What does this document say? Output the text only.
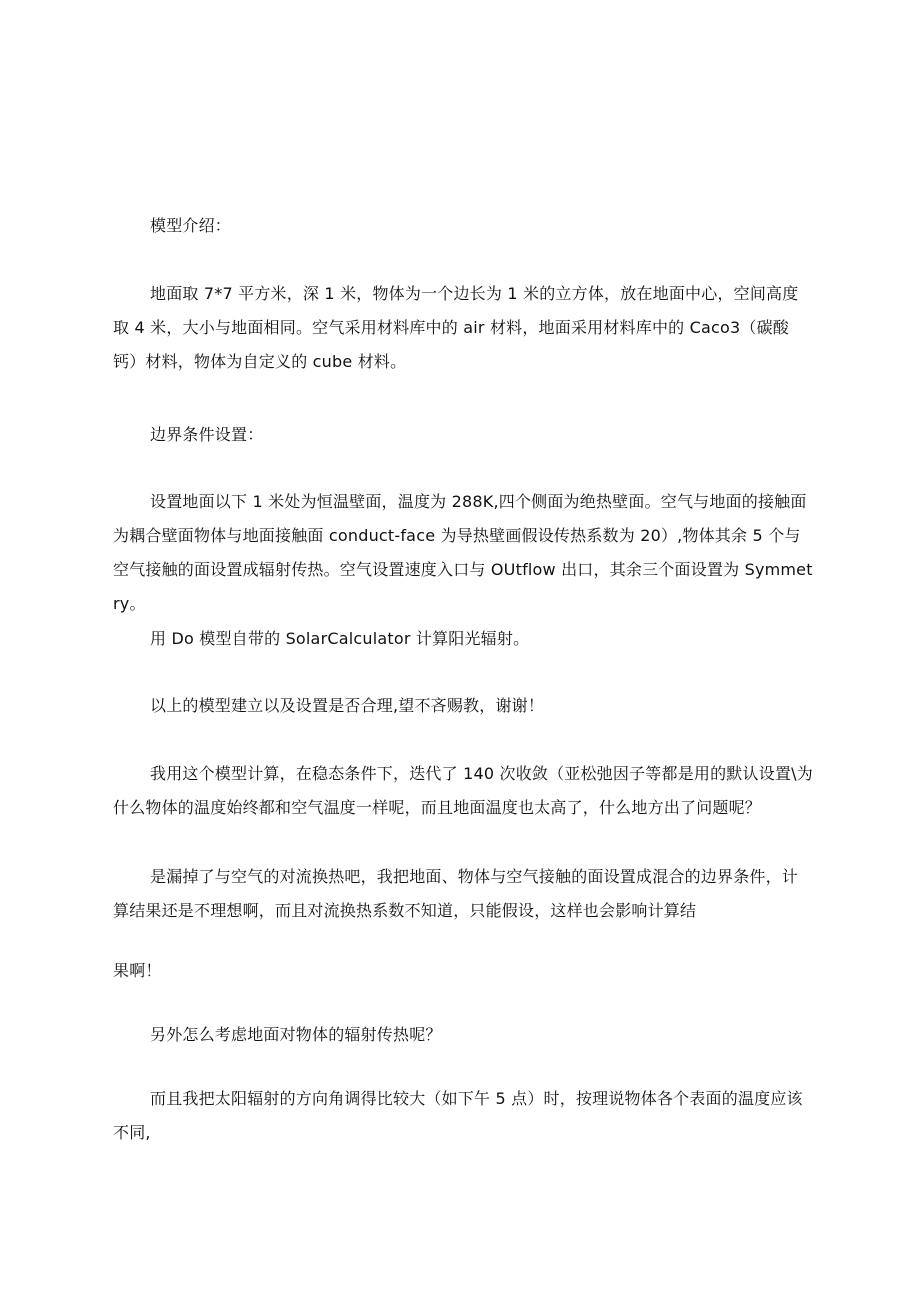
模型介绍：

地面取 7*7 平方米，深 1 米，物体为一个边长为 1 米的立方体，放在地面中心，空间高度取 4 米，大小与地面相同。空气采用材料库中的 air 材料，地面采用材料库中的 Caco3（碳酸钙）材料，物体为自定义的 cube 材料。

边界条件设置：

设置地面以下 1 米处为恒温壁面，温度为 288K,四个侧面为绝热壁面。空气与地面的接触面为耦合壁面物体与地面接触面 conduct-face 为导热壁画假设传热系数为 20）,物体其余 5 个与空气接触的面设置成辐射传热。空气设置速度入口与 OUtflow 出口，其余三个面设置为 Symmetry。

用 Do 模型自带的 SolarCalculator 计算阳光辐射。

以上的模型建立以及设置是否合理,望不吝赐教，谢谢！

我用这个模型计算，在稳态条件下，迭代了 140 次收敛（亚松弛因子等都是用的默认设置\为什么物体的温度始终都和空气温度一样呢，而且地面温度也太高了，什么地方出了问题呢？

是漏掉了与空气的对流换热吧，我把地面、物体与空气接触的面设置成混合的边界条件，计算结果还是不理想啊，而且对流换热系数不知道，只能假设，这样也会影响计算结

果啊！

另外怎么考虑地面对物体的辐射传热呢？

而且我把太阳辐射的方向角调得比较大（如下午 5 点）时，按理说物体各个表面的温度应该不同,
